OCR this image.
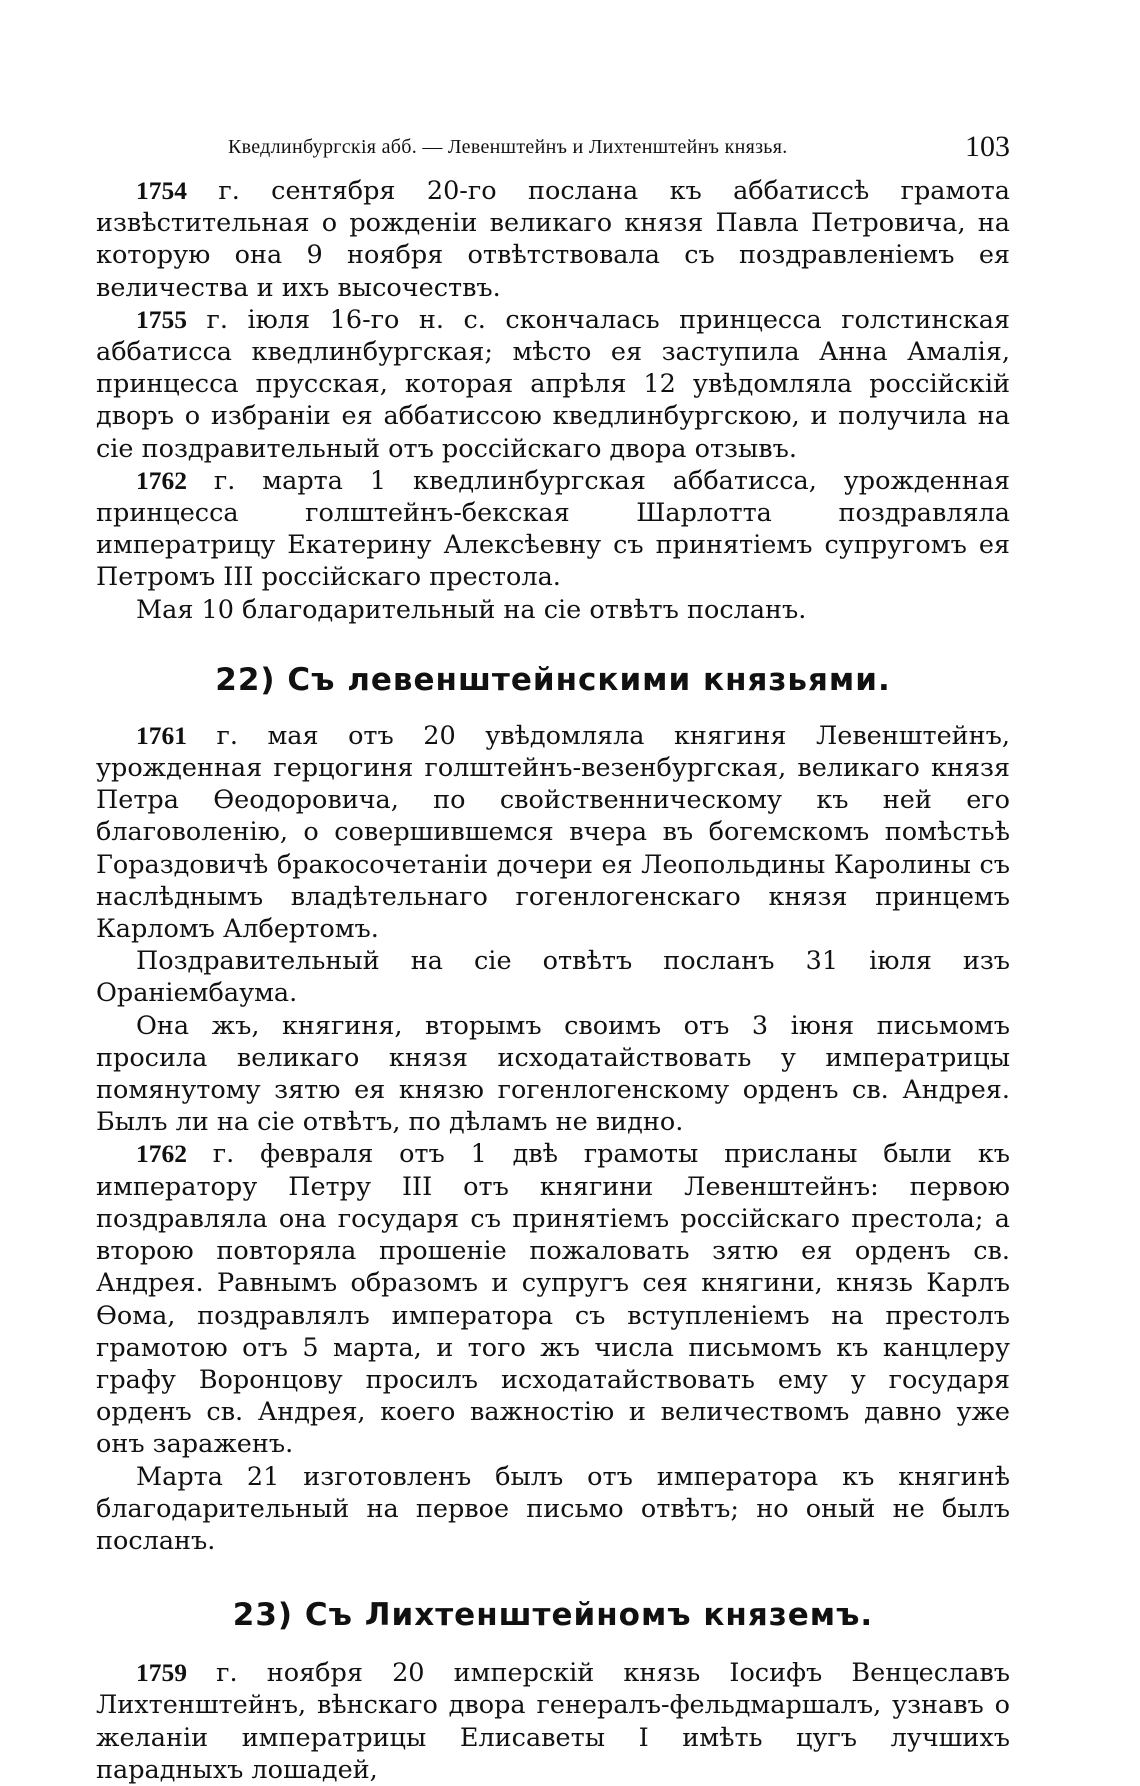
Кведлинбургскія абб. — Левенштейнъ и Лихтенштейнъ князья.	103

1754 г. сентября 20-го послана къ аббатиссѣ грамота извѣстительная о рожденіи великаго князя Павла Петровича, на которую она 9 ноября отвѣтствовала съ поздравленіемъ ея величества и ихъ высочествъ.

1755 г. іюля 16-го н. с. скончалась принцесса голстинская аббатисса кведлинбургская; мѣсто ея заступила Анна Амалія, принцесса прусская, которая апрѣля 12 увѣдомляла россійскій дворъ о избраніи ея аббатиссою кведлинбургскою, и получила на сіе поздравительный отъ россійскаго двора отзывъ.

1762 г. марта 1 кведлинбургская аббатисса, урожденная принцесса голштейнъ-бекская Шарлотта поздравляла императрицу Екатерину Алексѣевну съ принятіемъ супругомъ ея Петромъ III россійскаго престола.

Мая 10 благодарительный на сіе отвѣтъ посланъ.

22) Съ левенштейнскими князьями.

1761 г. мая отъ 20 увѣдомляла княгиня Левенштейнъ, урожденная герцогиня голштейнъ-везенбургская, великаго князя Петра Ѳеодоровича, по свойственническому къ ней его благоволенію, о совершившемся вчера въ богемскомъ помѣстьѣ Гораздовичѣ бракосочетаніи дочери ея Леопольдины Каролины съ наслѣднымъ владѣтельнаго гогенлогенскаго князя принцемъ Карломъ Албертомъ.

Поздравительный на сіе отвѣтъ посланъ 31 іюля изъ Ораніембаума.

Она жъ, княгиня, вторымъ своимъ отъ 3 іюня письмомъ просила великаго князя исходатайствовать у императрицы помянутому зятю ея князю гогенлогенскому орденъ св. Андрея. Былъ ли на сіе отвѣтъ, по дѣламъ не видно.

1762 г. февраля отъ 1 двѣ грамоты присланы были къ императору Петру III отъ княгини Левенштейнъ: первою поздравляла она государя съ принятіемъ россійскаго престола; а второю повторяла прошеніе пожаловать зятю ея орденъ св. Андрея. Равнымъ образомъ и супругъ сея княгини, князь Карлъ Ѳома, поздравлялъ императора съ вступленіемъ на престолъ грамотою отъ 5 марта, и того жъ числа письмомъ къ канцлеру графу Воронцову просилъ исходатайствовать ему у государя орденъ св. Андрея, коего важностію и величествомъ давно уже онъ зараженъ.

Марта 21 изготовленъ былъ отъ императора къ княгинѣ благодарительный на первое письмо отвѣтъ; но оный не былъ посланъ.

23) Съ Лихтенштейномъ княземъ.

1759 г. ноября 20 имперскій князь Іосифъ Венцеславъ Лихтенштейнъ, вѣнскаго двора генералъ-фельдмаршалъ, узнавъ о желаніи императрицы Елисаветы I имѣть цугъ лучшихъ парадныхъ лошадей,
